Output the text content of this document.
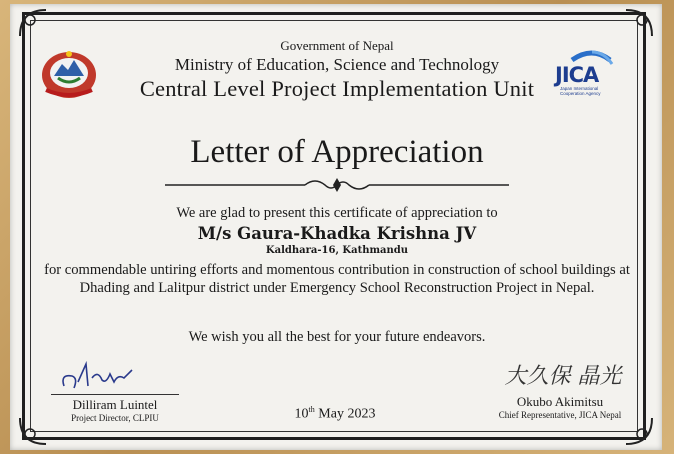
JICA
Japan International
Cooperation Agency
Government of Nepal
Ministry of Education, Science and Technology
Central Level Project Implementation Unit
Letter of Appreciation
We are glad to present this certificate of appreciation to
M/s Gaura-Khadka Krishna JV
Kaldhara-16, Kathmandu
for commendable untiring efforts and momentous contribution in construction of school buildings at Dhading and Lalitpur district under Emergency School Reconstruction Project in Nepal.
We wish you all the best for your future endeavors.
Dilliram Luintel
Project Director, CLPIU	10th May 2023
大久保 晶光
Okubo Akimitsu
Chief Representative, JICA Nepal
